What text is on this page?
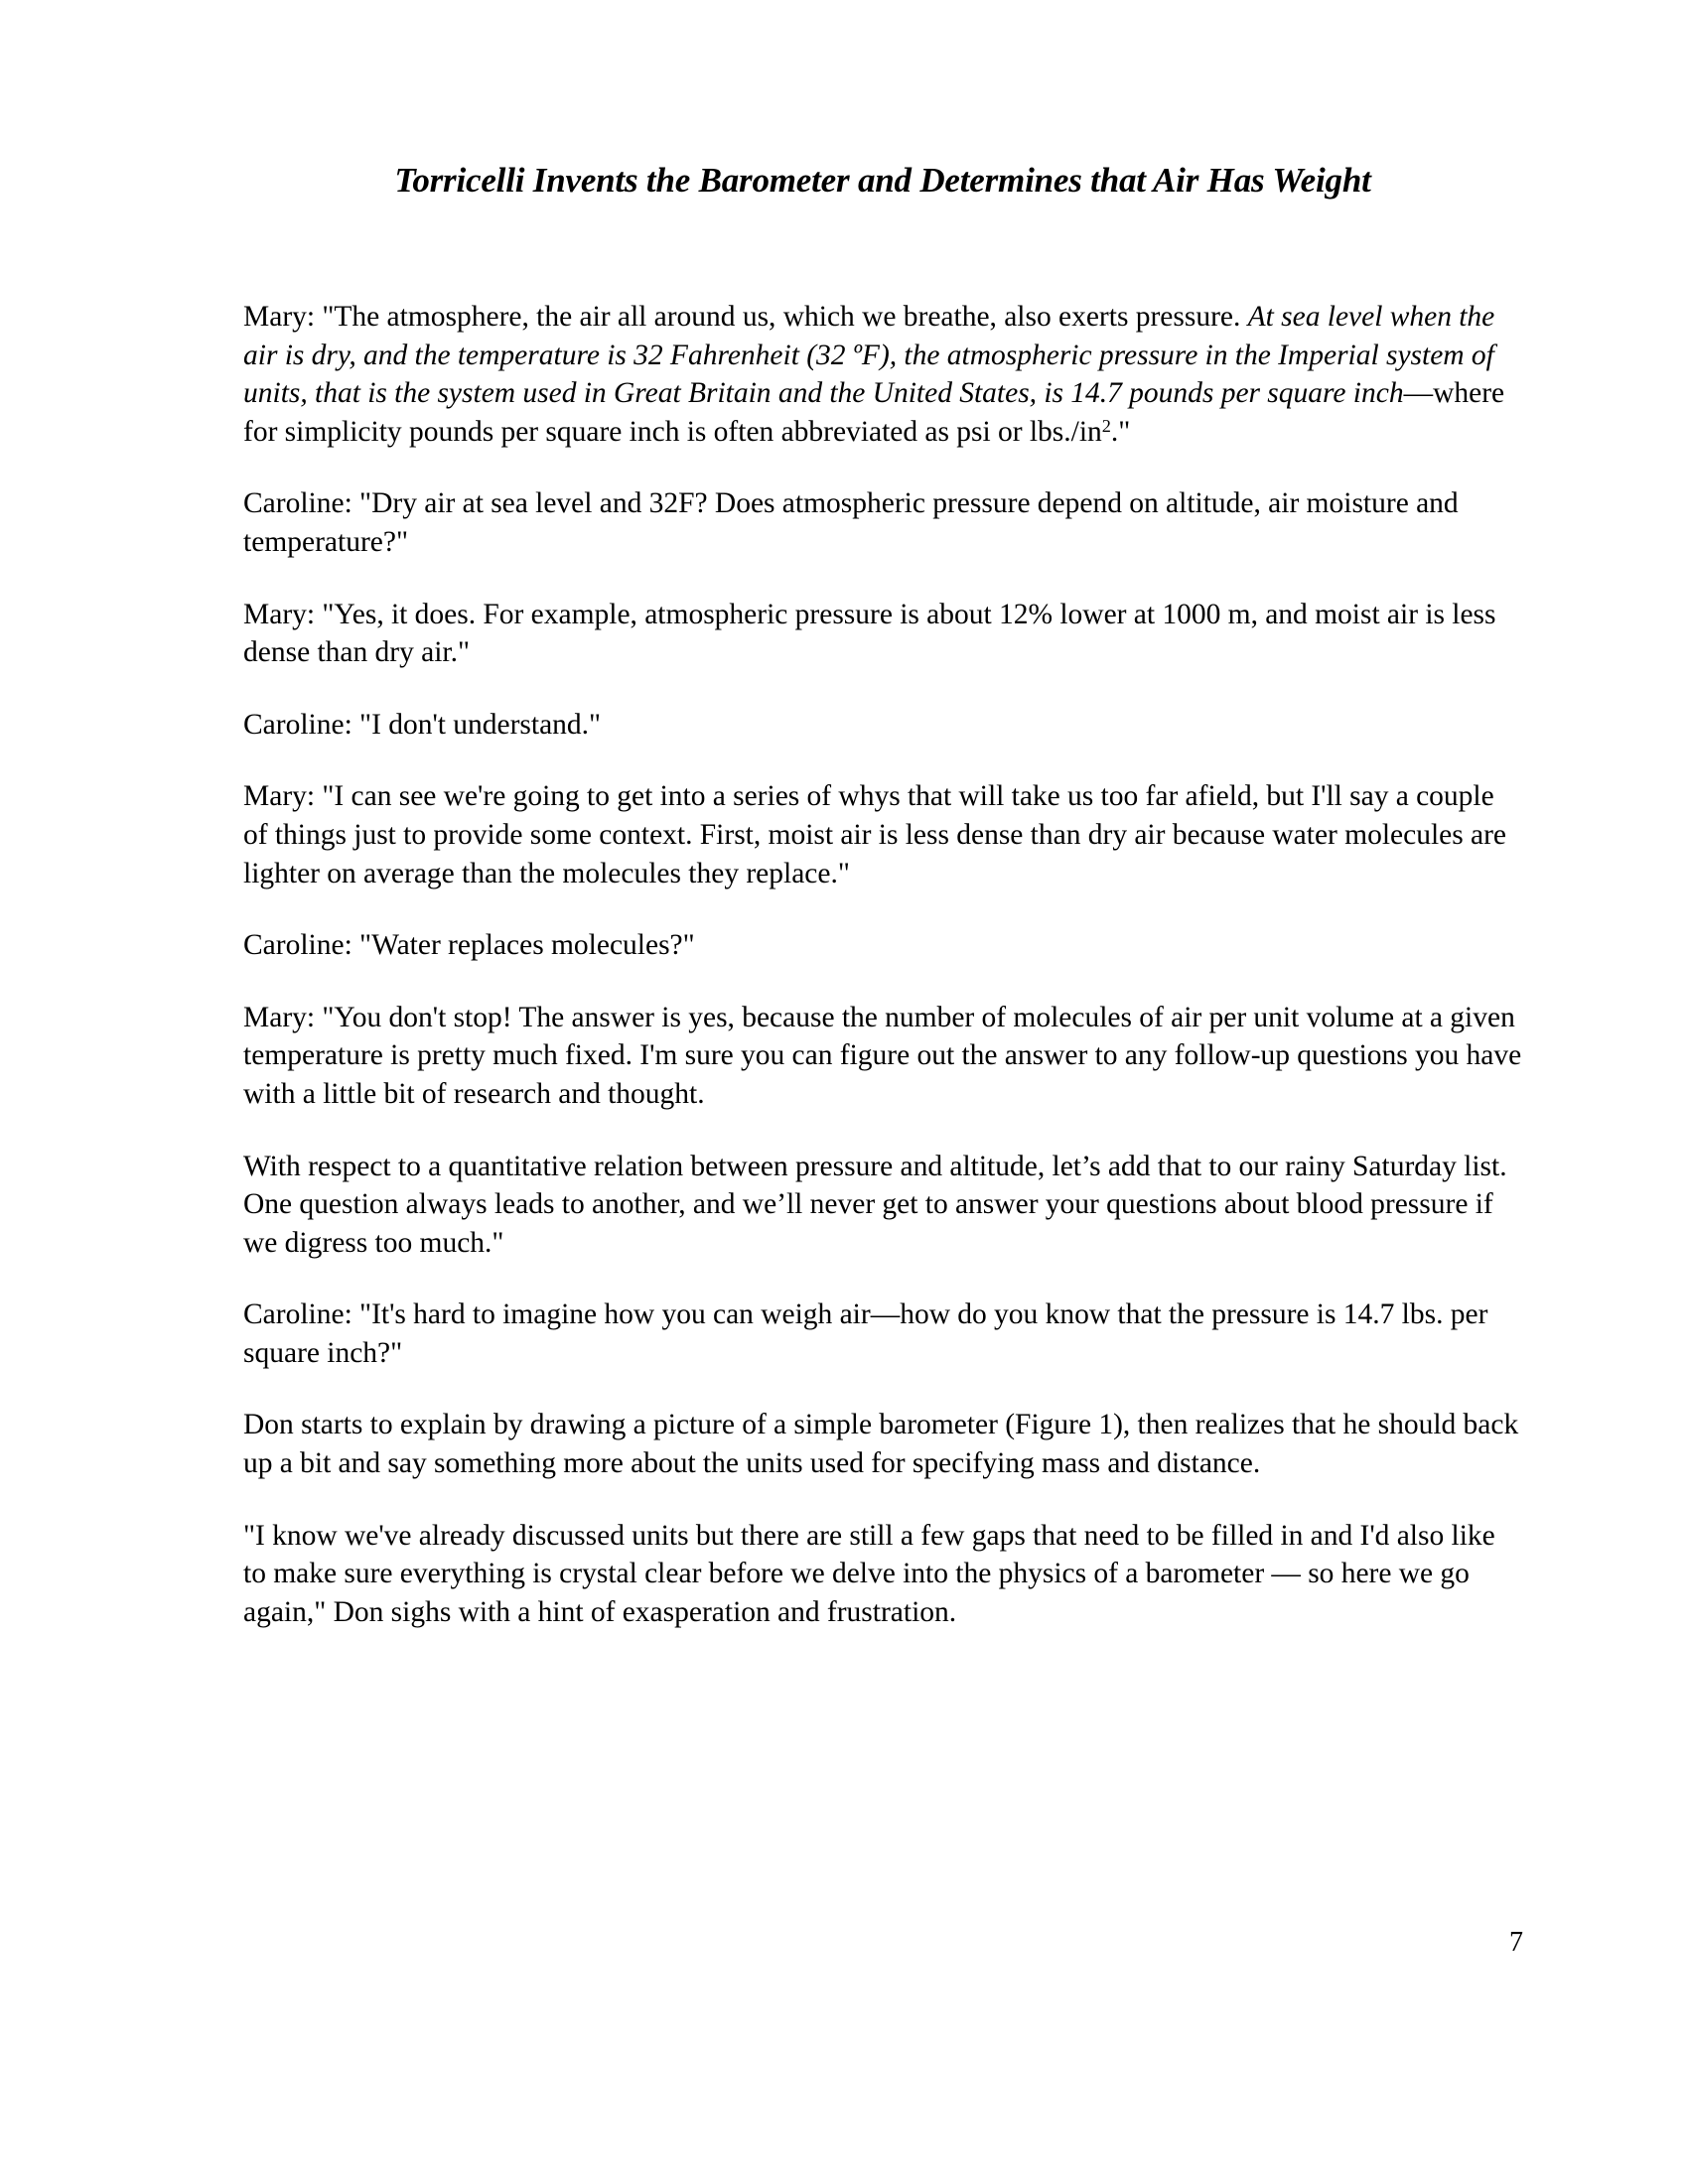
Torricelli Invents the Barometer and Determines that Air Has Weight

Mary: "The atmosphere, the air all around us, which we breathe, also exerts pressure. At sea level when the air is dry, and the temperature is 32 Fahrenheit (32 ºF), the atmospheric pressure in the Imperial system of units, that is the system used in Great Britain and the United States, is 14.7 pounds per square inch—where for simplicity pounds per square inch is often abbreviated as psi or $lbs./in^2$."

Caroline: "Dry air at sea level and 32F? Does atmospheric pressure depend on altitude, air moisture and temperature?"

Mary: "Yes, it does. For example, atmospheric pressure is about 12% lower at 1000 m, and moist air is less dense than dry air."

Caroline: "I don't understand."

Mary: "I can see we're going to get into a series of whys that will take us too far afield, but I'll say a couple of things just to provide some context. First, moist air is less dense than dry air because water molecules are lighter on average than the molecules they replace."

Caroline: "Water replaces molecules?"

Mary: "You don't stop! The answer is yes, because the number of molecules of air per unit volume at a given temperature is pretty much fixed. I'm sure you can figure out the answer to any follow-up questions you have with a little bit of research and thought.

With respect to a quantitative relation between pressure and altitude, let’s add that to our rainy Saturday list. One question always leads to another, and we’ll never get to answer your questions about blood pressure if we digress too much."

Caroline: "It's hard to imagine how you can weigh air—how do you know that the pressure is 14.7 lbs. per square inch?"

Don starts to explain by drawing a picture of a simple barometer (Figure 1), then realizes that he should back up a bit and say something more about the units used for specifying mass and distance.

"I know we've already discussed units but there are still a few gaps that need to be filled in and I'd also like to make sure everything is crystal clear before we delve into the physics of a barometer — so here we go again," Don sighs with a hint of exasperation and frustration.

7
